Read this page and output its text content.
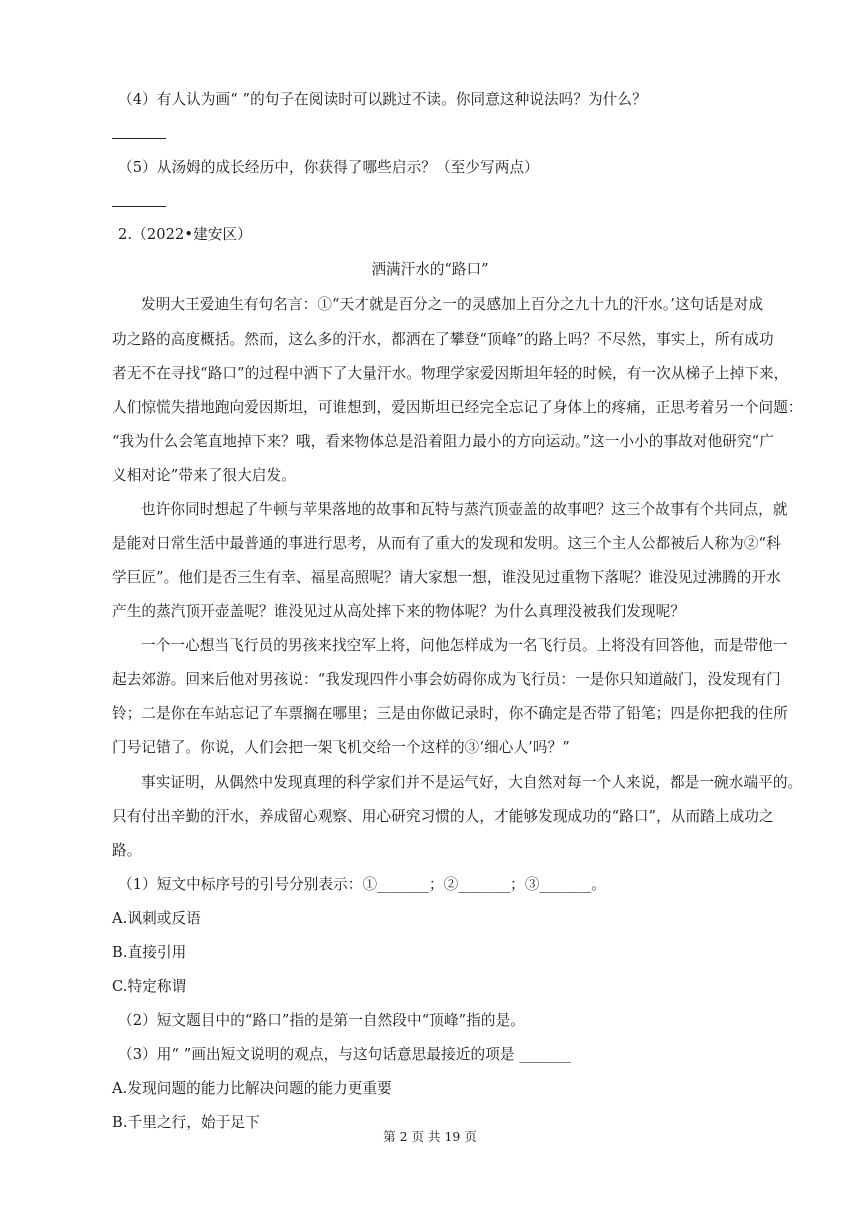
（4）有人认为画“ ”的句子在阅读时可以跳过不读。你同意这种说法吗？为什么？
（5）从汤姆的成长经历中，你获得了哪些启示？（至少写两点）
2.（2022•建安区）
洒满汗水的“路口”
发明大王爱迪生有句名言：①“天才就是百分之一的灵感加上百分之九十九的汗水。’这句话是对成
功之路的高度概括。然而，这么多的汗水，都洒在了攀登“顶峰”的路上吗？不尽然，事实上，所有成功
者无不在寻找“路口”的过程中洒下了大量汗水。物理学家爱因斯坦年轻的时候，有一次从梯子上掉下来，
人们惊慌失措地跑向爱因斯坦，可谁想到，爱因斯坦已经完全忘记了身体上的疼痛，正思考着另一个问题：
“我为什么会笔直地掉下来？哦，看来物体总是沿着阻力最小的方向运动。”这一小小的事故对他研究“广
义相对论”带来了很大启发。
也许你同时想起了牛顿与苹果落地的故事和瓦特与蒸汽顶壶盖的故事吧？这三个故事有个共同点，就
是能对日常生活中最普通的事进行思考，从而有了重大的发现和发明。这三个主人公都被后人称为②“科
学巨匠”。他们是否三生有幸、福星高照呢？请大家想一想，谁没见过重物下落呢？谁没见过沸腾的开水
产生的蒸汽顶开壶盖呢？谁没见过从高处摔下来的物体呢？为什么真理没被我们发现呢？
一个一心想当飞行员的男孩来找空军上将，问他怎样成为一名飞行员。上将没有回答他，而是带他一
起去郊游。回来后他对男孩说：“我发现四件小事会妨碍你成为飞行员：一是你只知道敲门，没发现有门
铃；二是你在车站忘记了车票搁在哪里；三是由你做记录时，你不确定是否带了铅笔；四是你把我的住所
门号记错了。你说，人们会把一架飞机交给一个这样的③‘细心人’吗？”
事实证明，从偶然中发现真理的科学家们并不是运气好，大自然对每一个人来说，都是一碗水端平的。
只有付出辛勤的汗水，养成留心观察、用心研究习惯的人，才能够发现成功的“路口”，从而踏上成功之
路。
（1）短文中标序号的引号分别表示：①_______；②_______；③_______。
A.讽刺或反语
B.直接引用
C.特定称谓
（2）短文题目中的“路口”指的是第一自然段中“顶峰”指的是。
（3）用“ ”画出短文说明的观点，与这句话意思最接近的项是 _______
A.发现问题的能力比解决问题的能力更重要
B.千里之行，始于足下
第 2 页 共 19 页
